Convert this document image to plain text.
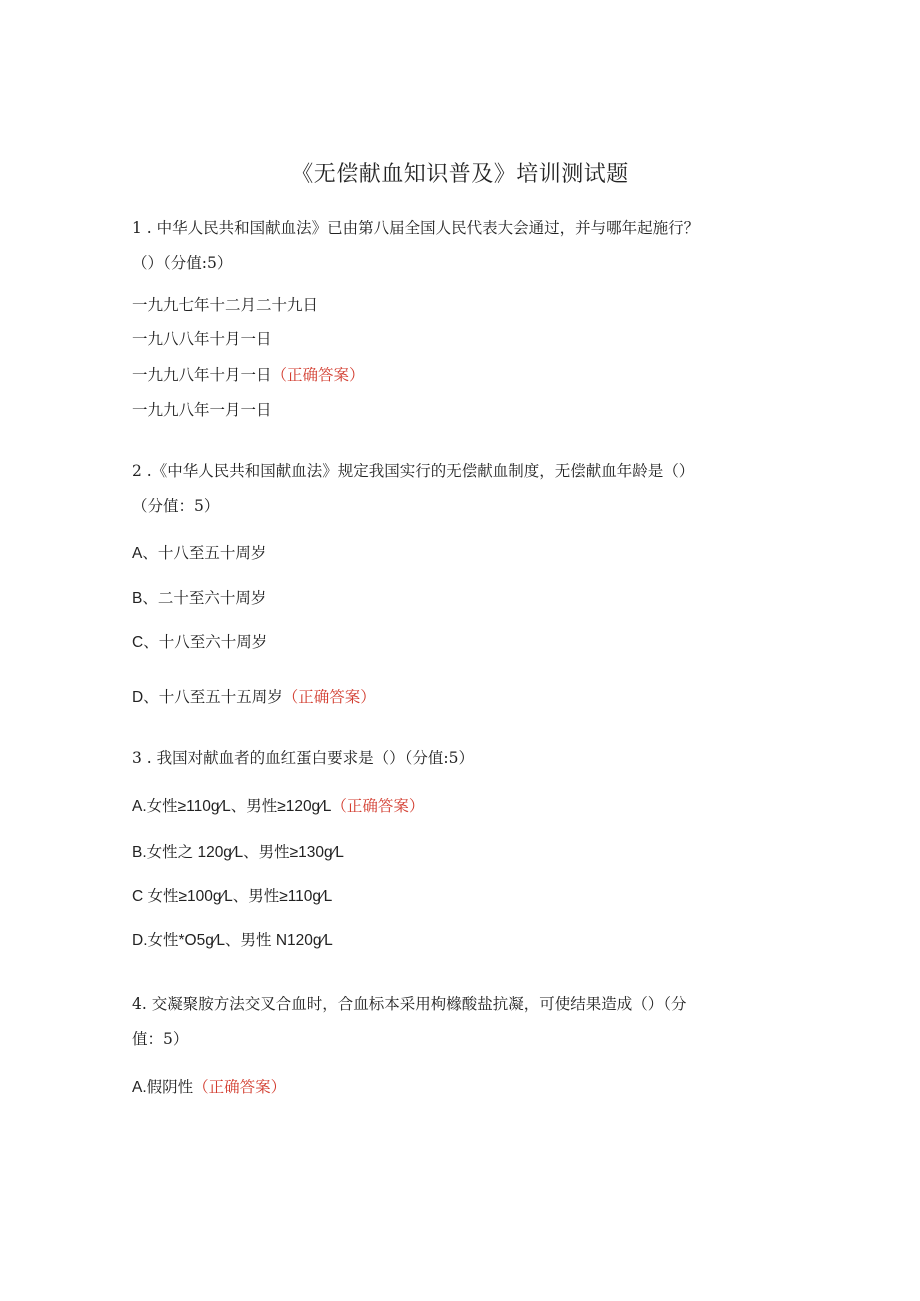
《无偿献血知识普及》培训测试题
1 . 中华人民共和国献血法》已由第八届全国人民代表大会通过，并与哪年起施行？
（）（分值:5）
一九九七年十二月二十九日
一九八八年十月一日
一九九八年十月一日（正确答案）
一九九八年一月一日
2 .《中华人民共和国献血法》规定我国实行的无偿献血制度，无偿献血年龄是（）
（分值：5）
A、十八至五十周岁
B、二十至六十周岁
C、十八至六十周岁
D、十八至五十五周岁（正确答案）
3 . 我国对献血者的血红蛋白要求是（）（分值:5）
A.女性≥110g∕L、男性≥120g∕L（正确答案）
B.女性之 120g∕L、男性≥130g∕L
C 女性≥100g∕L、男性≥110g∕L
D.女性*O5g∕L、男性 N120g∕L
4. 交凝聚胺方法交叉合血时，合血标本采用枸橼酸盐抗凝，可使结果造成（）（分
值：5）
A.假阴性（正确答案）
